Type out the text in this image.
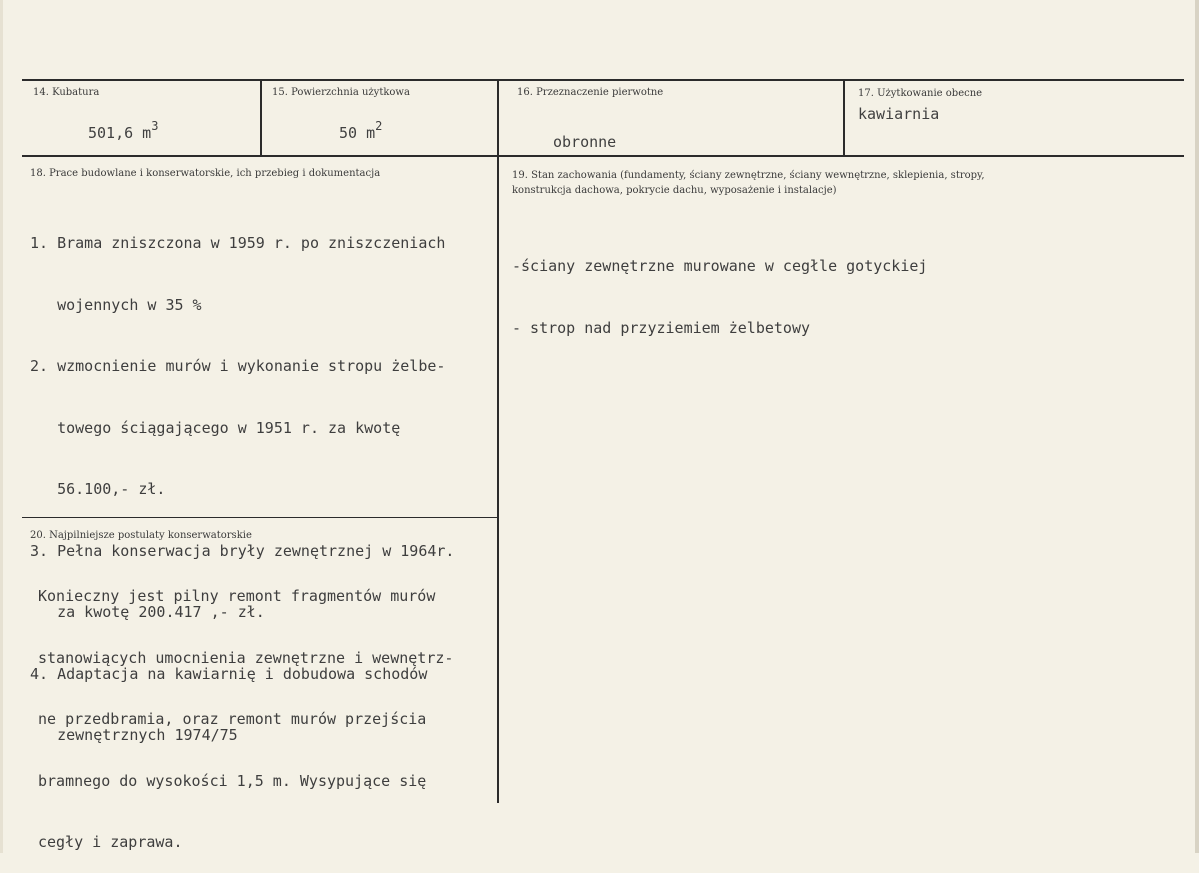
14. Kubatura
501,6 $m^3$
15. Powierzchnia użytkowa
50 $m^2$
16. Przeznaczenie pierwotne
obronne
17. Użytkowanie obecne
kawiarnia
18. Prace budowlane i konserwatorskie, ich przebieg i dokumentacja

1. Brama zniszczona w 1959 r. po zniszczeniach

wojennych w 35 %

2. wzmocnienie murów i wykonanie stropu żelbe-

towego ściągającego w 1951 r. za kwotę

56.100,- zł.

3. Pełna konserwacja bryły zewnętrznej w 1964r.

za kwotę 200.417 ,- zł.

4. Adaptacja na kawiarnię i dobudowa schodów

zewnętrznych 1974/75

19. Stan zachowania (fundamenty, ściany zewnętrzne, ściany wewnętrzne, sklepienia, stropy,
konstrukcja dachowa, pokrycie dachu, wyposażenie i instalacje)

-ściany zewnętrzne murowane w cegłle gotyckiej

- strop nad przyziemiem żelbetowy

20. Najpilniejsze postulaty konserwatorskie

Konieczny jest pilny remont fragmentów murów

stanowiących umocnienia zewnętrzne i wewnętrz-

ne przedbramia, oraz remont murów przejścia

bramnego do wysokości 1,5 m. Wysypujące się

cegły i zaprawa.
